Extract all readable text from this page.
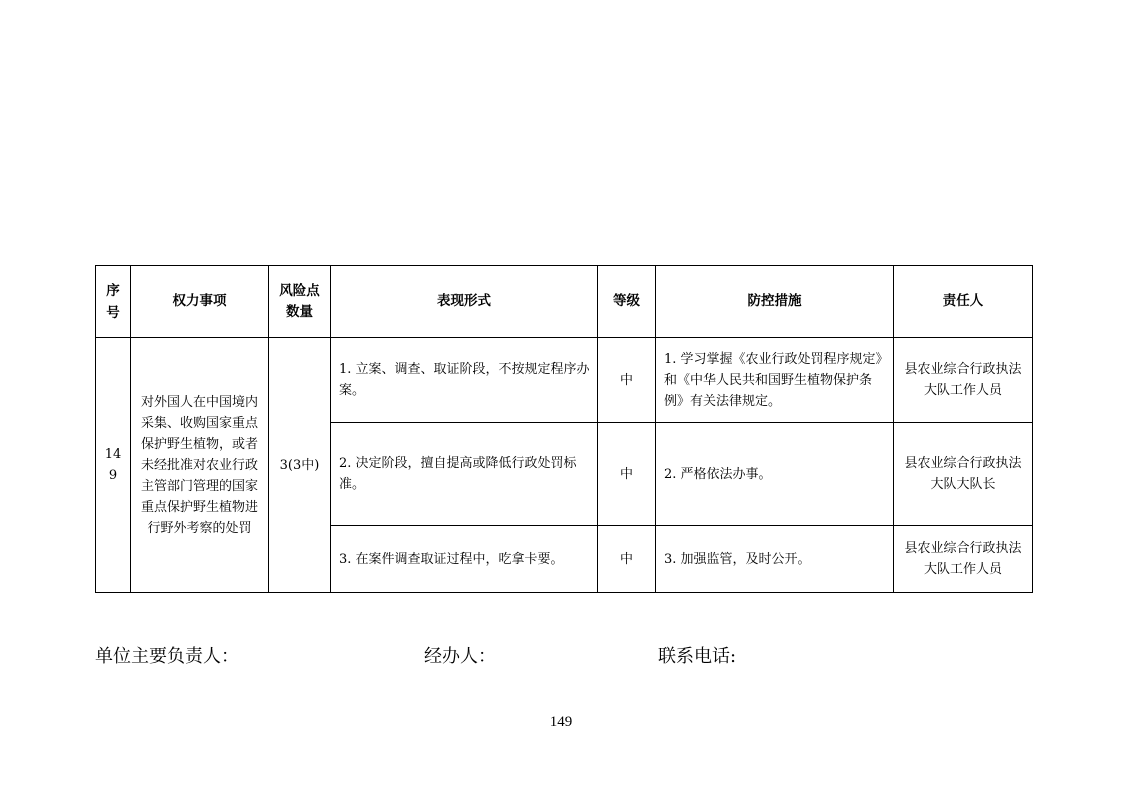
序号	权力事项	风险点数量	表现形式	等级	防控措施	责任人
149	对外国人在中国境内采集、收购国家重点保护野生植物，或者未经批准对农业行政主管部门管理的国家重点保护野生植物进行野外考察的处罚	3(3中)	1. 立案、调查、取证阶段，不按规定程序办案。	中	1. 学习掌握《农业行政处罚程序规定》和《中华人民共和国野生植物保护条例》有关法律规定。	县农业综合行政执法大队工作人员
			2. 决定阶段，擅自提高或降低行政处罚标准。	中	2. 严格依法办事。	县农业综合行政执法大队大队长
			3. 在案件调查取证过程中，吃拿卡要。	中	3. 加强监管，及时公开。	县农业综合行政执法大队工作人员
单位主要负责人：	经办人：	联系电话:
149
